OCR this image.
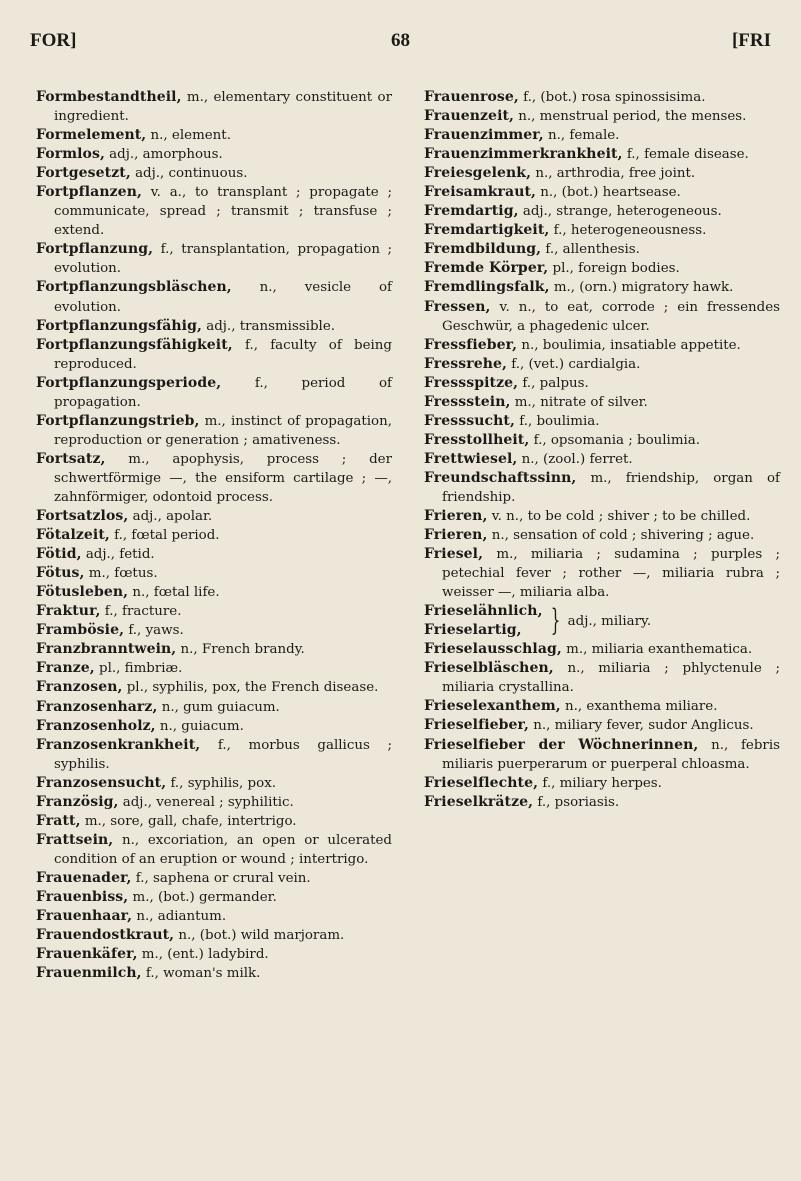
FOR]	68	[FRI

Formbestandtheil, m., elementary constituent or ingredient.

Formelement, n., element.

Formlos, adj., amorphous.

Fortgesetzt, adj., continuous.

Fortpflanzen, v. a., to transplant ; propagate ; communicate, spread ; transmit ; transfuse ; extend.

Fortpflanzung, f., transplantation, propagation ; evolution.

Fortpflanzungsbläschen, n., vesicle of evolution.

Fortpflanzungsfähig, adj., transmissible.

Fortpflanzungsfähigkeit, f., faculty of being reproduced.

Fortpflanzungsperiode, f., period of propagation.

Fortpflanzungstrieb, m., instinct of propagation, reproduction or generation ; amativeness.

Fortsatz, m., apophysis, process ; der schwertförmige —, the ensiform cartilage ; —, zahnförmiger, odontoid process.

Fortsatzlos, adj., apolar.

Fötalzeit, f., fœtal period.

Fötid, adj., fetid.

Fötus, m., fœtus.

Fötusleben, n., fœtal life.

Fraktur, f., fracture.

Frambösie, f., yaws.

Franzbranntwein, n., French brandy.

Franze, pl., fimbriæ.

Franzosen, pl., syphilis, pox, the French disease.

Franzosenharz, n., gum guiacum.

Franzosenholz, n., guiacum.

Franzosenkrankheit, f., morbus gallicus ; syphilis.

Franzosensucht, f., syphilis, pox.

Französig, adj., venereal ; syphilitic.

Fratt, m., sore, gall, chafe, intertrigo.

Frattsein, n., excoriation, an open or ulcerated condition of an eruption or wound ; intertrigo.

Frauenader, f., saphena or crural vein.

Frauenbiss, m., (bot.) germander.

Frauenhaar, n., adiantum.

Frauendostkraut, n., (bot.) wild marjoram.

Frauenkäfer, m., (ent.) ladybird.

Frauenmilch, f., woman's milk.

Frauenrose, f., (bot.) rosa spinossisima.

Frauenzeit, n., menstrual period, the menses.

Frauenzimmer, n., female.

Frauenzimmerkrankheit, f., female disease.

Freiesgelenk, n., arthrodia, free joint.

Freisamkraut, n., (bot.) heartsease.

Fremdartig, adj., strange, heterogeneous.

Fremdartigkeit, f., heterogeneousness.

Fremdbildung, f., allenthesis.

Fremde Körper, pl., foreign bodies.

Fremdlingsfalk, m., (orn.) migratory hawk.

Fressen, v. n., to eat, corrode ; ein fressendes Geschwür, a phagedenic ulcer.

Fressfieber, n., boulimia, insatiable appetite.

Fressrehe, f., (vet.) cardialgia.

Fressspitze, f., palpus.

Fressstein, m., nitrate of silver.

Fresssucht, f., boulimia.

Fresstollheit, f., opsomania ; boulimia.

Frettwiesel, n., (zool.) ferret.

Freundschaftssinn, m., friendship, organ of friendship.

Frieren, v. n., to be cold ; shiver ; to be chilled.

Frieren, n., sensation of cold ; shivering ; ague.

Friesel, m., miliaria ; sudamina ; purples ; petechial fever ; rother —, miliaria rubra ; weisser —, miliaria alba.

Frieselähnlich,
Frieselartig, } adj., miliary.

Frieselausschlag, m., miliaria exanthematica.

Frieselbläschen, n., miliaria ; phlyctenule ; miliaria crystallina.

Frieselexanthem, n., exanthema miliare.

Frieselfieber, n., miliary fever, sudor Anglicus.

Frieselfieber der Wöchnerinnen, n., febris miliaris puerperarum or puerperal chloasma.

Frieselflechte, f., miliary herpes.

Frieselkrätze, f., psoriasis.
